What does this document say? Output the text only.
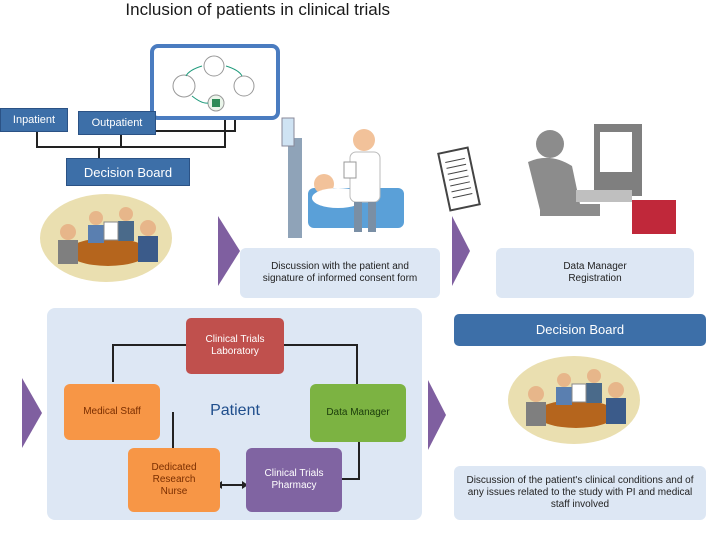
Inclusion of patients in clinical trials
Inpatient	Outpatient
Decision Board
Discussion with the patient and signature of informed consent form
Data Manager Registration
Clinical Trials Laboratory
Medical Staff	Patient	Data Manager
Dedicated Research Nurse
Clinical Trials Pharmacy
Decision Board
Discussion of the patient's clinical conditions and of any issues related to the study with PI and medical staff involved
